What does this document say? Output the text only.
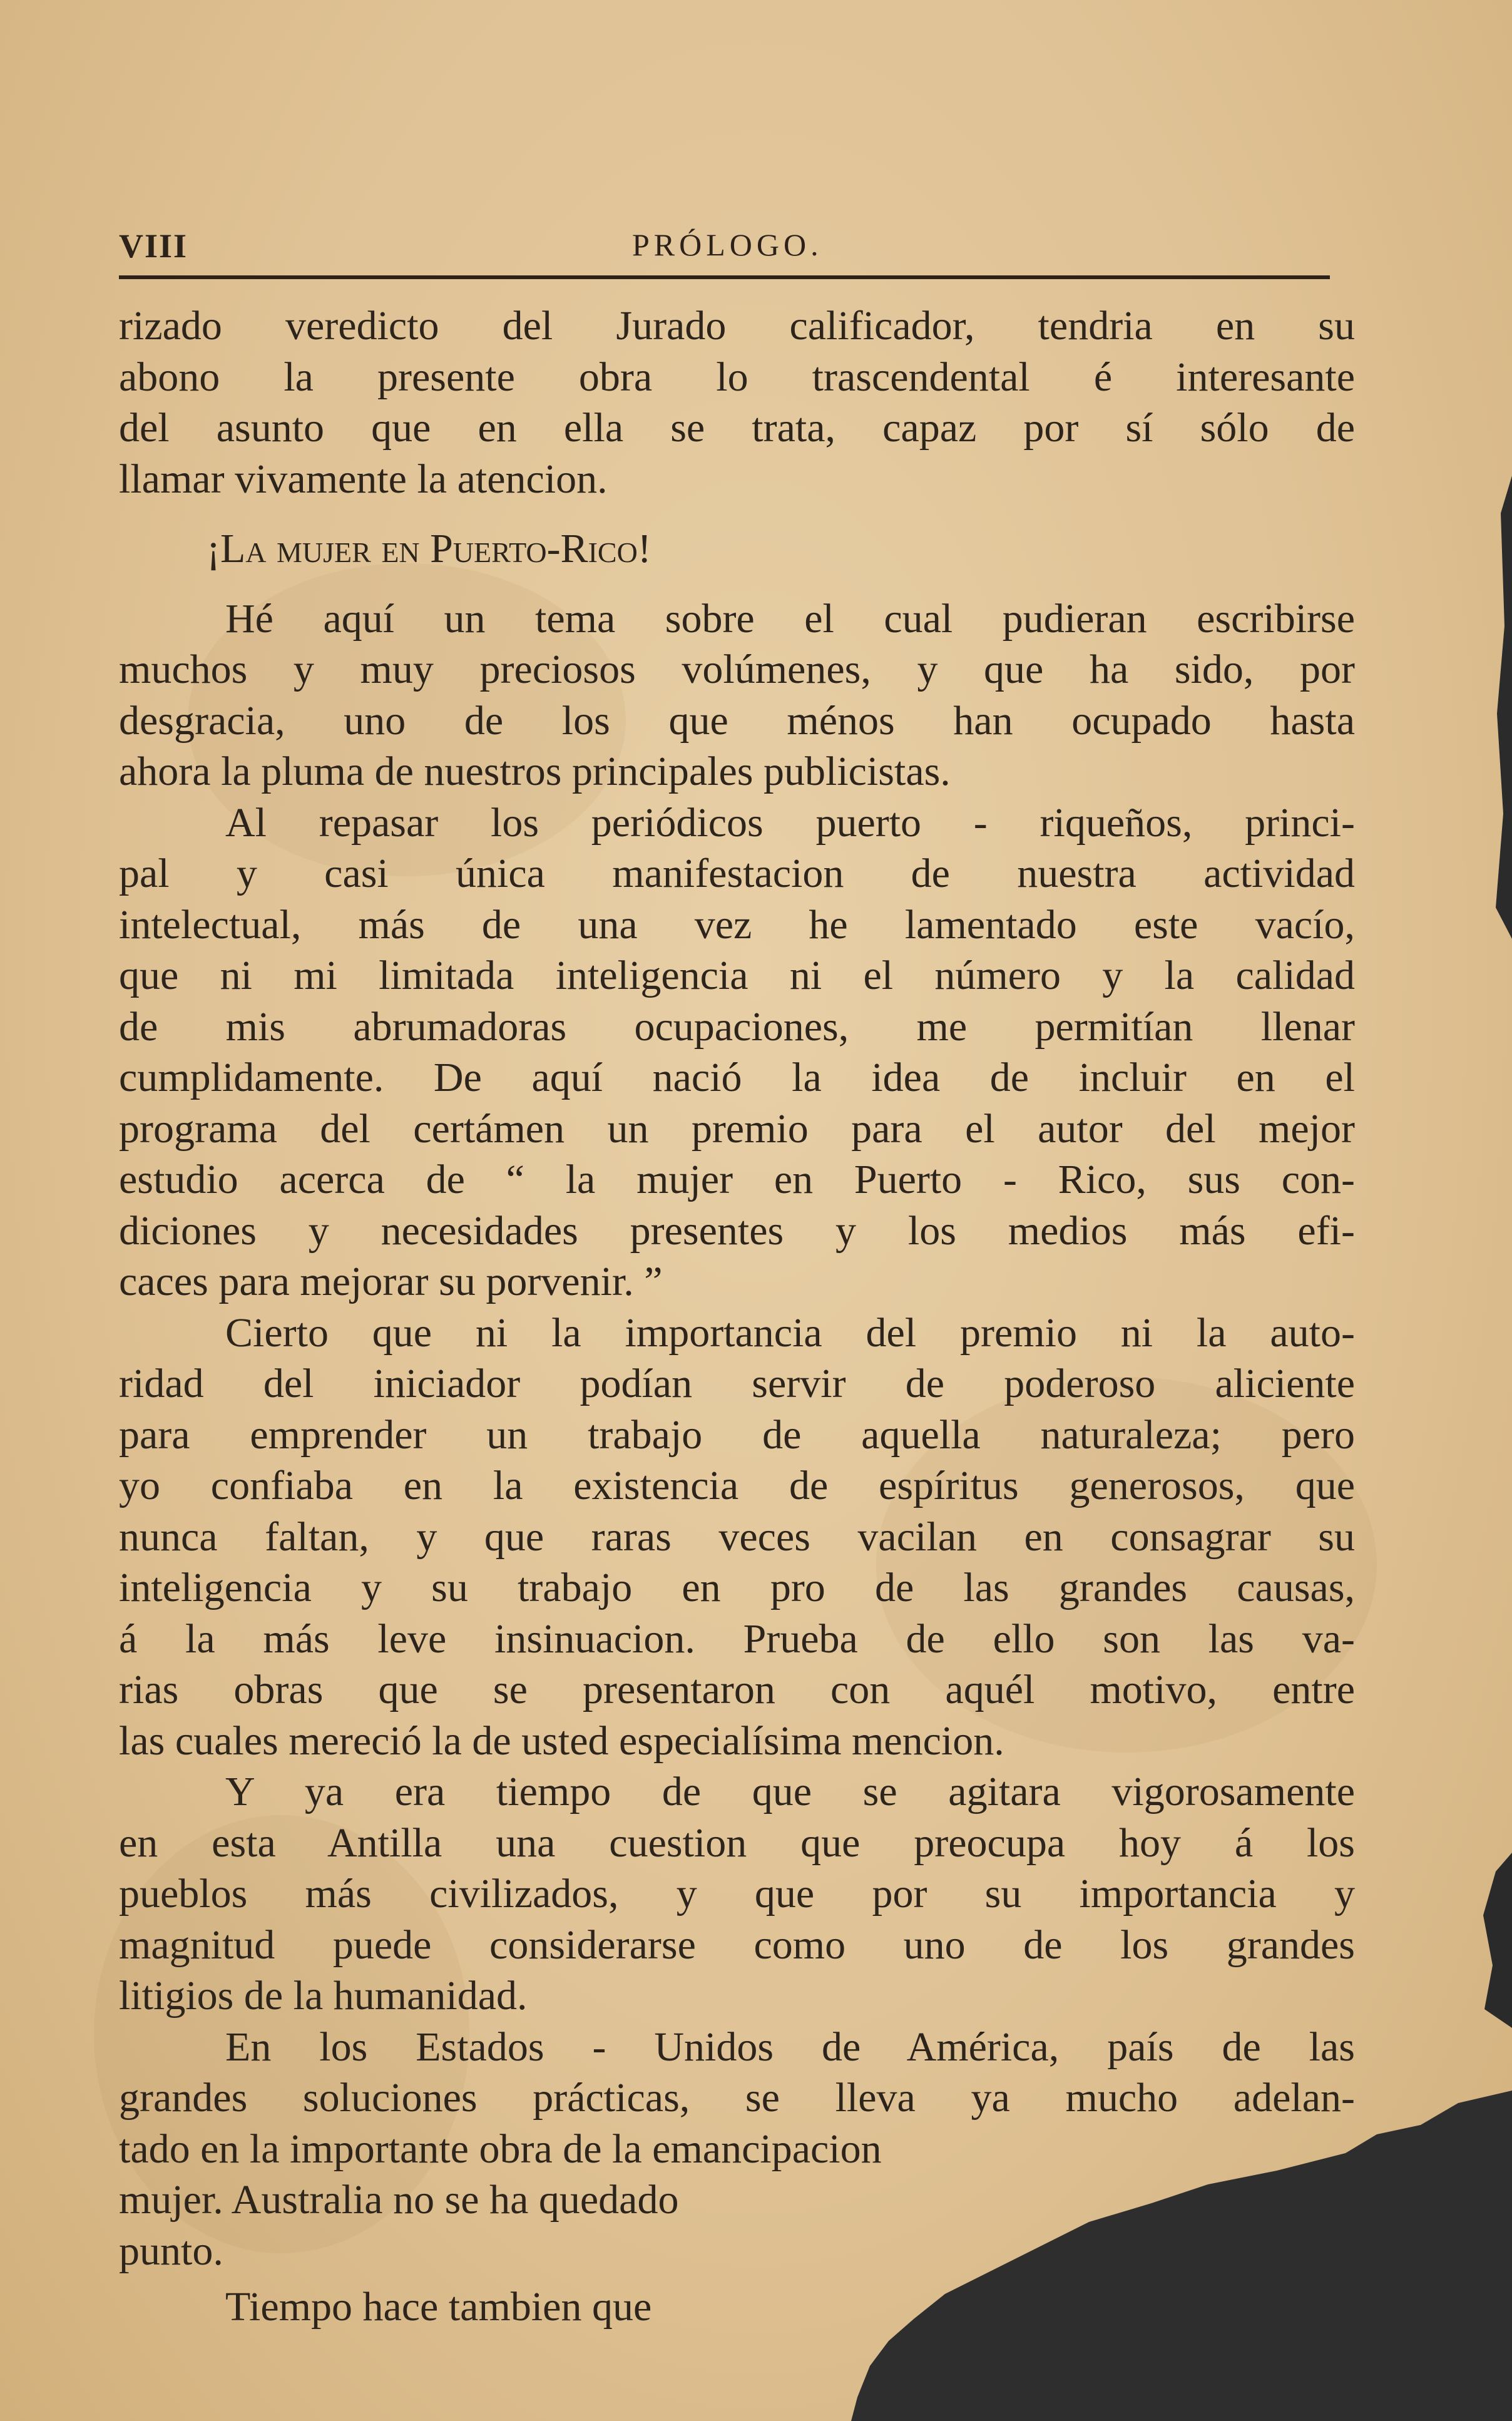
VIII	PRÓLOGO.
rizado veredicto del Jurado calificador, tendria en su
abono la presente obra lo trascendental é interesante
del asunto que en ella se trata, capaz por sí sólo de
llamar vivamente la atencion.
¡La mujer en Puerto-Rico!
Hé aquí un tema sobre el cual pudieran escribirse
muchos y muy preciosos volúmenes, y que ha sido, por
desgracia, uno de los que ménos han ocupado hasta
ahora la pluma de nuestros principales publicistas.
Al repasar los periódicos puerto - riqueños, princi-
pal y casi única manifestacion de nuestra actividad
intelectual, más de una vez he lamentado este vacío,
que ni mi limitada inteligencia ni el número y la calidad
de mis abrumadoras ocupaciones, me permitían llenar
cumplidamente. De aquí nació la idea de incluir en el
programa del certámen un premio para el autor del mejor
estudio acerca de “ la mujer en Puerto - Rico, sus con-
diciones y necesidades presentes y los medios más efi-
caces para mejorar su porvenir. ”
Cierto que ni la importancia del premio ni la auto-
ridad del iniciador podían servir de poderoso aliciente
para emprender un trabajo de aquella naturaleza; pero
yo confiaba en la existencia de espíritus generosos, que
nunca faltan, y que raras veces vacilan en consagrar su
inteligencia y su trabajo en pro de las grandes causas,
á la más leve insinuacion. Prueba de ello son las va-
rias obras que se presentaron con aquél motivo, entre
las cuales mereció la de usted especialísima mencion.
Y ya era tiempo de que se agitara vigorosamente
en esta Antilla una cuestion que preocupa hoy á los
pueblos más civilizados, y que por su importancia y
magnitud puede considerarse como uno de los grandes
litigios de la humanidad.
En los Estados - Unidos de América, país de las
grandes soluciones prácticas, se lleva ya mucho adelan-
tado en la importante obra de la emancipacion
mujer. Australia no se ha quedado
punto.
Tiempo hace tambien que
